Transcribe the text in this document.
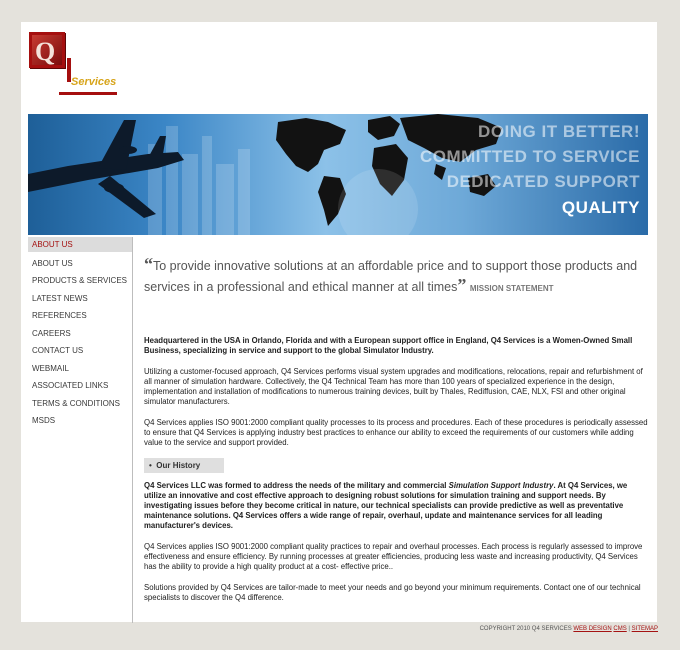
Q
Services
DOING IT BETTER!
COMMITTED TO SERVICE
DEDICATED SUPPORT
QUALITY
ABOUT US
ABOUT US
PRODUCTS & SERVICES
LATEST NEWS
REFERENCES
CAREERS
CONTACT US
WEBMAIL
ASSOCIATED LINKS
TERMS & CONDITIONS
MSDS

“To provide innovative solutions at an affordable price and to support those products and services in a professional and ethical manner at all times” MISSION STATEMENT

Headquartered in the USA in Orlando, Florida and with a European support office in England, Q4 Services is a Women-Owned Small Business, specializing in service and support to the global Simulator Industry.

Utilizing a customer-focused approach, Q4 Services performs visual system upgrades and modifications, relocations, repair and refurbishment of all manner of simulation hardware. Collectively, the Q4 Technical Team has more than 100 years of specialized experience in the design, implementation and installation of modifications to numerous training devices, built by Thales, Rediffusion, CAE, NLX, FSI and other original simulator manufacturers.

Q4 Services applies ISO 9001:2000 compliant quality processes to its process and procedures. Each of these procedures is periodically assessed to ensure that Q4 Services is applying industry best practices to enhance our ability to exceed the requirements of our customers while adding value to the service and support provided.

•  Our History

Q4 Services LLC was formed to address the needs of the military and commercial Simulation Support Industry. At Q4 Services, we utilize an innovative and cost effective approach to designing robust solutions for simulation training and support needs. By investigating issues before they become critical in nature, our technical specialists can provide predictive as well as preventative maintenance solutions. Q4 Services offers a wide range of repair, overhaul, update and maintenance services for all leading manufacturer's devices.

Q4 Services applies ISO 9001:2000 compliant quality practices to repair and overhaul processes. Each process is regularly assessed to improve effectiveness and ensure efficiency. By running processes at greater efficiencies, producing less waste and increasing productivity, Q4 Services has the ability to provide a high quality product at a cost- effective price..

Solutions provided by Q4 Services are tailor-made to meet your needs and go beyond your minimum requirements. Contact one of our technical specialists to discover the Q4 difference.

COPYRIGHT 2010 Q4 SERVICES WEB DESIGN CMS | SITEMAP
